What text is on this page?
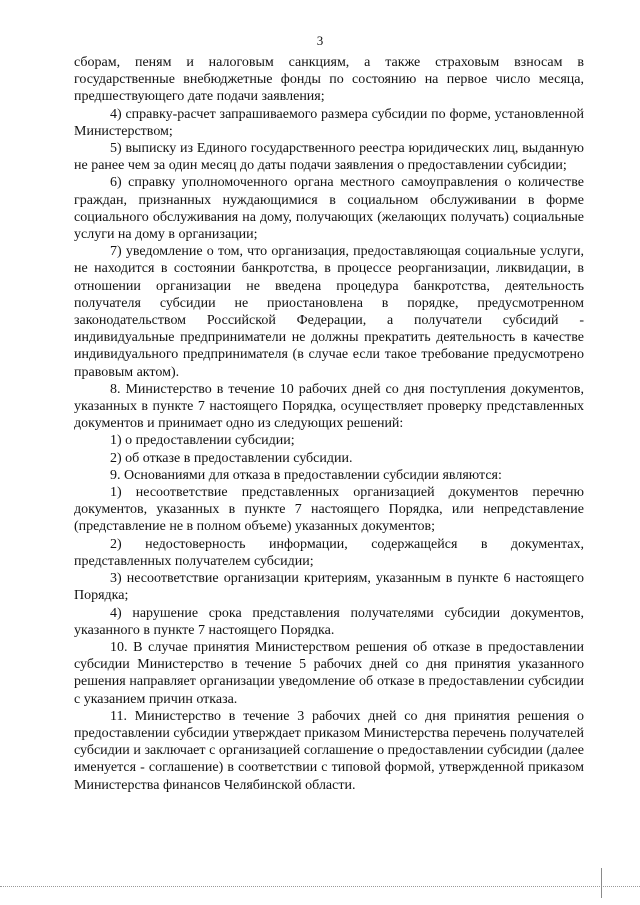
3

сборам, пеням и налоговым санкциям, а также страховым взносам в государственные внебюджетные фонды по состоянию на первое число месяца, предшествующего дате подачи заявления;

4) справку-расчет запрашиваемого размера субсидии по форме, установленной Министерством;

5) выписку из Единого государственного реестра юридических лиц, выданную не ранее чем за один месяц до даты подачи заявления о предоставлении субсидии;

6) справку уполномоченного органа местного самоуправления о количестве граждан, признанных нуждающимися в социальном обслуживании в форме социального обслуживания на дому, получающих (желающих получать) социальные услуги на дому в организации;

7) уведомление о том, что организация, предоставляющая социальные услуги, не находится в состоянии банкротства, в процессе реорганизации, ликвидации, в отношении организации не введена процедура банкротства, деятельность получателя субсидии не приостановлена в порядке, предусмотренном законодательством Российской Федерации, а получатели субсидий - индивидуальные предприниматели не должны прекратить деятельность в качестве индивидуального предпринимателя (в случае если такое требование предусмотрено правовым актом).

8. Министерство в течение 10 рабочих дней со дня поступления документов, указанных в пункте 7 настоящего Порядка, осуществляет проверку представленных документов и принимает одно из следующих решений:

1) о предоставлении субсидии;

2) об отказе в предоставлении субсидии.

9. Основаниями для отказа в предоставлении субсидии являются:

1) несоответствие представленных организацией документов перечню документов, указанных в пункте 7 настоящего Порядка, или непредставление (представление не в полном объеме) указанных документов;

2) недостоверность информации, содержащейся в документах, представленных получателем субсидии;

3) несоответствие организации критериям, указанным в пункте 6 настоящего Порядка;

4) нарушение срока представления получателями субсидии документов, указанного в пункте 7 настоящего Порядка.

10. В случае принятия Министерством решения об отказе в предоставлении субсидии Министерство в течение 5 рабочих дней со дня принятия указанного решения направляет организации уведомление об отказе в предоставлении субсидии с указанием причин отказа.

11. Министерство в течение 3 рабочих дней со дня принятия решения о предоставлении субсидии утверждает приказом Министерства перечень получателей субсидии и заключает с организацией соглашение о предоставлении субсидии (далее именуется - соглашение) в соответствии с типовой формой, утвержденной приказом Министерства финансов Челябинской области.
